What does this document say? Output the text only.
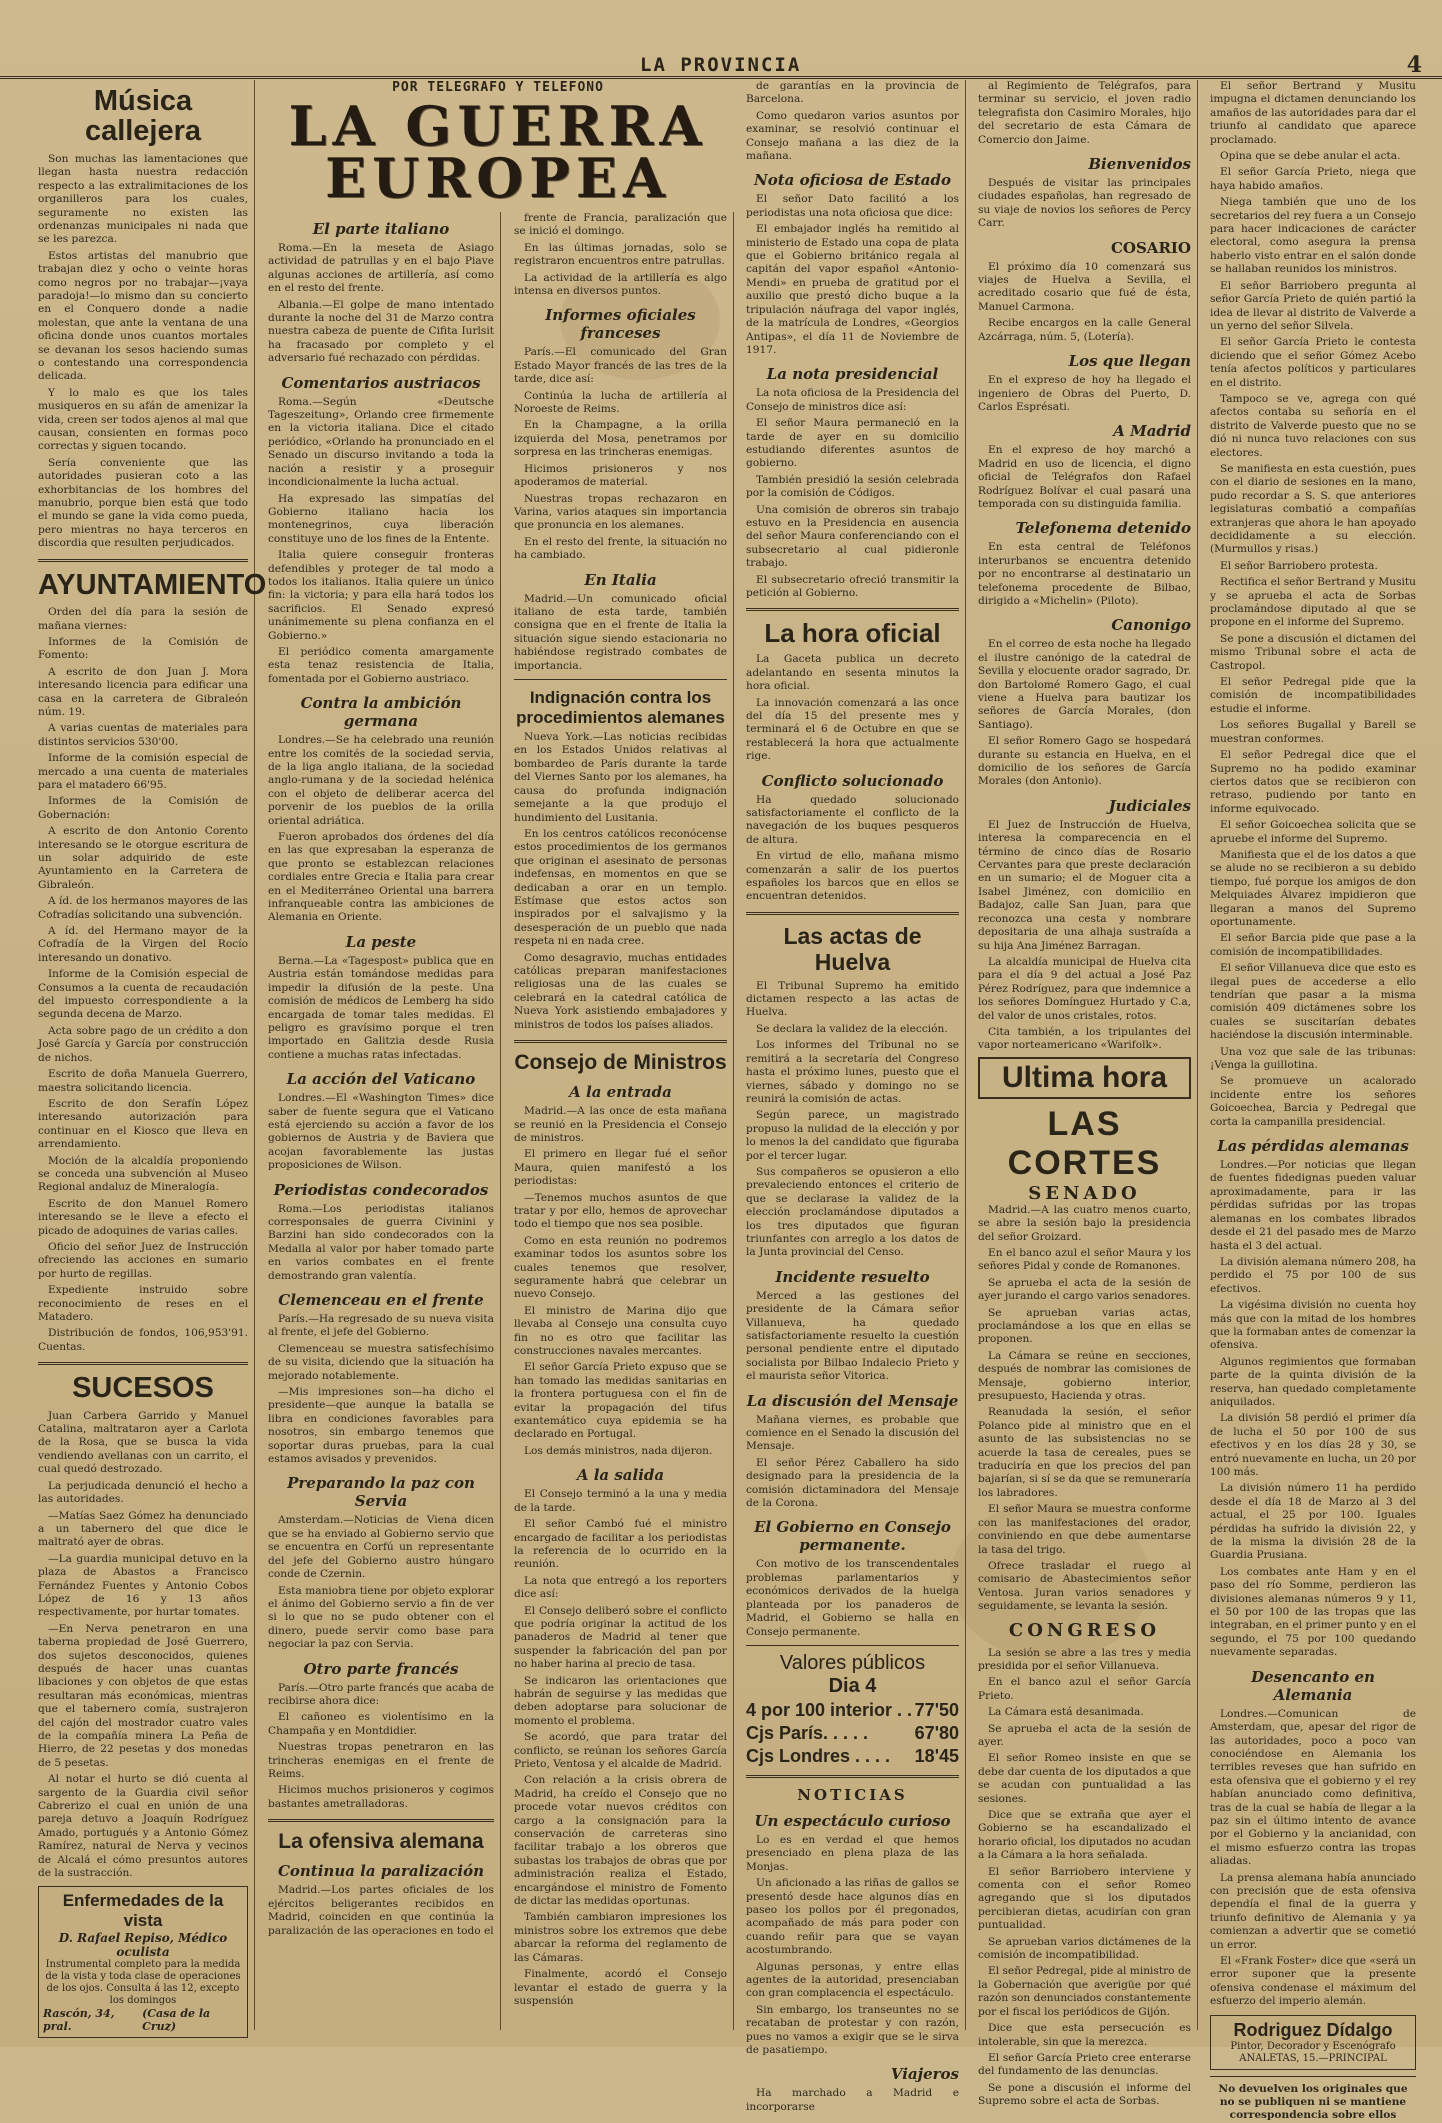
LA PROVINCIA	4
Música callejera

Son muchas las lamentaciones que llegan hasta nuestra redacción respecto a las extralimitaciones de los organilleros para los cuales, seguramente no existen las ordenanzas municipales ni nada que se les parezca.

Estos artistas del manubrio que trabajan diez y ocho o veinte horas como negros por no trabajar—¡vaya paradoja!—lo mismo dan su concierto en el Conquero donde a nadie molestan, que ante la ventana de una oficina donde unos cuantos mortales se devanan los sesos haciendo sumas o contestando una correspondencia delicada.

Y lo malo es que los tales musiqueros en su afán de amenizar la vida, creen ser todos ajenos al mal que causan, consienten en formas poco correctas y siguen tocando.

Sería conveniente que las autoridades pusieran coto a las exhorbitancias de los hombres del manubrio, porque bien está que todo el mundo se gane la vida como pueda, pero mientras no haya terceros en discordia que resulten perjudicados.

AYUNTAMIENTO

Orden del día para la sesión de mañana viernes:

Informes de la Comisión de Fomento:

A escrito de don Juan J. Mora interesando licencia para edificar una casa en la carretera de Gibraleón núm. 19.

A varias cuentas de materiales para distintos servicios 530'00.

Informe de la comisión especial de mercado a una cuenta de materiales para el matadero 66'95.

Informes de la Comisión de Gobernación:

A escrito de don Antonio Corento interesando se le otorgue escritura de un solar adquirido de este Ayuntamiento en la Carretera de Gibraleón.

A íd. de los hermanos mayores de las Cofradías solicitando una subvención.

A íd. del Hermano mayor de la Cofradía de la Virgen del Rocío interesando un donativo.

Informe de la Comisión especial de Consumos a la cuenta de recaudación del impuesto correspondiente a la segunda decena de Marzo.

Acta sobre pago de un crédito a don José García y García por construcción de nichos.

Escrito de doña Manuela Guerrero, maestra solicitando licencia.

Escrito de don Serafín López interesando autorización para continuar en el Kiosco que lleva en arrendamiento.

Moción de la alcaldía proponiendo se conceda una subvención al Museo Regional andaluz de Mineralogía.

Escrito de don Manuel Romero interesando se le lleve a efecto el picado de adoquines de varias calles.

Oficio del señor Juez de Instrucción ofreciendo las acciones en sumario por hurto de regillas.

Expediente instruido sobre reconocimiento de reses en el Matadero.

Distribución de fondos, 106,953'91. Cuentas.

SUCESOS

Juan Carbera Garrido y Manuel Catalina, maltrataron ayer a Carlota de la Rosa, que se busca la vida vendiendo avellanas con un carrito, el cual quedó destrozado.

La perjudicada denunció el hecho a las autoridades.

—Matías Saez Gómez ha denunciado a un tabernero del que dice le maltrató ayer de obras.

—La guardia municipal detuvo en la plaza de Abastos a Francisco Fernández Fuentes y Antonio Cobos López de 16 y 13 años respectivamente, por hurtar tomates.

—En Nerva penetraron en una taberna propiedad de José Guerrero, dos sujetos desconocidos, quienes después de hacer unas cuantas libaciones y con objetos de que estas resultaran más económicas, mientras que el tabernero comía, sustrajeron del cajón del mostrador cuatro vales de la compañía minera La Peña de Hierro, de 22 pesetas y dos monedas de 5 pesetas.

Al notar el hurto se dió cuenta al sargento de la Guardia civil señor Cabrerizo el cual en unión de una pareja detuvo a Joaquín Rodríguez Amado, portugués y a Antonio Gómez Ramírez, natural de Nerva y vecinos de Alcalá el cómo presuntos autores de la sustracción.

Enfermedades de la vista
D. Rafael Repiso, Médico oculista
Instrumental completo para la medida de la vista y toda clase de operaciones de los ojos. Consulta á las 12, excepto los domingos
Rascón, 34, pral.
(Casa de la Cruz)
POR TELEGRAFO Y TELEFONO
LA GUERRA
EUROPEA
El parte italiano

Roma.—En la meseta de Asiago actividad de patrullas y en el bajo Piave algunas acciones de artillería, así como en el resto del frente.

Albania.—El golpe de mano intentado durante la noche del 31 de Marzo contra nuestra cabeza de puente de Cifita Iurlsit ha fracasado por completo y el adversario fué rechazado con pérdidas.

Comentarios austriacos

Roma.—Según «Deutsche Tageszeitung», Orlando cree firmemente en la victoria italiana. Dice el citado periódico, «Orlando ha pronunciado en el Senado un discurso invitando a toda la nación a resistir y a proseguir incondicionalmente la lucha actual.

Ha expresado las simpatías del Gobierno italiano hacia los montenegrinos, cuya liberación constituye uno de los fines de la Entente.

Italia quiere conseguir fronteras defendibles y proteger de tal modo a todos los italianos. Italia quiere un único fin: la victoria; y para ella hará todos los sacrificios. El Senado expresó unánimemente su plena confianza en el Gobierno.»

El periódico comenta amargamente esta tenaz resistencia de Italia, fomentada por el Gobierno austriaco.

Contra la ambición germana

Londres.—Se ha celebrado una reunión entre los comités de la sociedad servia, de la liga anglo italiana, de la sociedad anglo-rumana y de la sociedad helénica con el objeto de deliberar acerca del porvenir de los pueblos de la orilla oriental adriática.

Fueron aprobados dos órdenes del día en las que expresaban la esperanza de que pronto se establezcan relaciones cordiales entre Grecia e Italia para crear en el Mediterráneo Oriental una barrera infranqueable contra las ambiciones de Alemania en Oriente.

La peste

Berna.—La «Tagespost» publica que en Austria están tomándose medidas para impedir la difusión de la peste. Una comisión de médicos de Lemberg ha sido encargada de tomar tales medidas. El peligro es gravísimo porque el tren importado en Galitzia desde Rusia contiene a muchas ratas infectadas.

La acción del Vaticano

Londres.—El «Washington Times» dice saber de fuente segura que el Vaticano está ejerciendo su acción a favor de los gobiernos de Austria y de Baviera que acojan favorablemente las justas proposiciones de Wilson.

Periodistas condecorados

Roma.—Los periodistas italianos corresponsales de guerra Civinini y Barzini han sido condecorados con la Medalla al valor por haber tomado parte en varios combates en el frente demostrando gran valentía.

Clemenceau en el frente

París.—Ha regresado de su nueva visita al frente, el jefe del Gobierno.

Clemenceau se muestra satisfechísimo de su visita, diciendo que la situación ha mejorado notablemente.

—Mis impresiones son—ha dicho el presidente—que aunque la batalla se libra en condiciones favorables para nosotros, sin embargo tenemos que soportar duras pruebas, para la cual estamos avisados y prevenidos.

Preparando la paz con Servia

Amsterdam.—Noticias de Viena dicen que se ha enviado al Gobierno servio que se encuentra en Corfú un representante del jefe del Gobierno austro húngaro conde de Czernin.

Esta maniobra tiene por objeto explorar el ánimo del Gobierno servio a fin de ver si lo que no se pudo obtener con el dinero, puede servir como base para negociar la paz con Servia.

Otro parte francés

París.—Otro parte francés que acaba de recibirse ahora dice:

El cañoneo es violentísimo en la Champaña y en Montdidier.

Nuestras tropas penetraron en las trincheras enemigas en el frente de Reims.

Hicimos muchos prisioneros y cogimos bastantes ametralladoras.

La ofensiva alemana
Continua la paralización

Madrid.—Los partes oficiales de los ejércitos beligerantes recibidos en Madrid, coinciden en que continúa la paralización de las operaciones en todo el

frente de Francia, paralización que se inició el domingo.

En las últimas jornadas, solo se registraron encuentros entre patrullas.

La actividad de la artillería es algo intensa en diversos puntos.

Informes oficiales franceses

París.—El comunicado del Gran Estado Mayor francés de las tres de la tarde, dice así:

Continúa la lucha de artillería al Noroeste de Reims.

En la Champagne, a la orilla izquierda del Mosa, penetramos por sorpresa en las trincheras enemigas.

Hicimos prisioneros y nos apoderamos de material.

Nuestras tropas rechazaron en Varina, varios ataques sin importancia que pronuncia en los alemanes.

En el resto del frente, la situación no ha cambiado.

En Italia

Madrid.—Un comunicado oficial italiano de esta tarde, también consigna que en el frente de Italia la situación sigue siendo estacionaria no habiéndose registrado combates de importancia.

Indignación contra los procedimientos alemanes

Nueva York.—Las noticias recibidas en los Estados Unidos relativas al bombardeo de París durante la tarde del Viernes Santo por los alemanes, ha causa do profunda indignación semejante a la que produjo el hundimiento del Lusitania.

En los centros católicos reconócense estos procedimientos de los germanos que originan el asesinato de personas indefensas, en momentos en que se dedicaban a orar en un templo. Estímase que estos actos son inspirados por el salvajismo y la desesperación de un pueblo que nada respeta ni en nada cree.

Como desagravio, muchas entidades católicas preparan manifestaciones religiosas una de las cuales se celebrará en la catedral católica de Nueva York asistiendo embajadores y ministros de todos los países aliados.

Consejo de Ministros
A la entrada

Madrid.—A las once de esta mañana se reunió en la Presidencia el Consejo de ministros.

El primero en llegar fué el señor Maura, quien manifestó a los periodistas:

—Tenemos muchos asuntos de que tratar y por ello, hemos de aprovechar todo el tiempo que nos sea posible.

Como en esta reunión no podremos examinar todos los asuntos sobre los cuales tenemos que resolver, seguramente habrá que celebrar un nuevo Consejo.

El ministro de Marina dijo que llevaba al Consejo una consulta cuyo fin no es otro que facilitar las construcciones navales mercantes.

El señor García Prieto expuso que se han tomado las medidas sanitarias en la frontera portuguesa con el fin de evitar la propagación del tifus exantemático cuya epidemia se ha declarado en Portugal.

Los demás ministros, nada dijeron.

A la salida

El Consejo terminó a la una y media de la tarde.

El señor Cambó fué el ministro encargado de facilitar a los periodistas la referencia de lo ocurrido en la reunión.

La nota que entregó a los reporters dice así:

El Consejo deliberó sobre el conflicto que podría originar la actitud de los panaderos de Madrid al tener que suspender la fabricación del pan por no haber harina al precio de tasa.

Se indicaron las orientaciones que habrán de seguirse y las medidas que deben adoptarse para solucionar de momento el problema.

Se acordó, que para tratar del conflicto, se reúnan los señores García Prieto, Ventosa y el alcalde de Madrid.

Con relación a la crisis obrera de Madrid, ha creído el Consejo que no procede votar nuevos créditos con cargo a la consignación para la conservación de carreteras sino facilitar trabajo a los obreros que subastas los trabajos de obras que por administración realiza el Estado, encargándose el ministro de Fomento de dictar las medidas oportunas.

También cambiaron impresiones los ministros sobre los extremos que debe abarcar la reforma del reglamento de las Cámaras.

Finalmente, acordó el Consejo levantar el estado de guerra y la suspensión

de garantías en la provincia de Barcelona.

Como quedaron varios asuntos por examinar, se resolvió continuar el Consejo mañana a las diez de la mañana.

Nota oficiosa de Estado

El señor Dato facilitó a los periodistas una nota oficiosa que dice:

El embajador inglés ha remitido al ministerio de Estado una copa de plata que el Gobierno británico regala al capitán del vapor español «Antonio-Mendi» en prueba de gratitud por el auxilio que prestó dicho buque a la tripulación náufraga del vapor inglés, de la matrícula de Londres, «Georgios Antipas», el día 11 de Noviembre de 1917.

La nota presidencial

La nota oficiosa de la Presidencia del Consejo de ministros dice así:

El señor Maura permaneció en la tarde de ayer en su domicilio estudiando diferentes asuntos de gobierno.

También presidió la sesión celebrada por la comisión de Códigos.

Una comisión de obreros sin trabajo estuvo en la Presidencia en ausencia del señor Maura conferenciando con el subsecretario al cual pidieronle trabajo.

El subsecretario ofreció transmitir la petición al Gobierno.

La hora oficial

La Gaceta publica un decreto adelantando en sesenta minutos la hora oficial.

La innovación comenzará a las once del día 15 del presente mes y terminará el 6 de Octubre en que se restablecerá la hora que actualmente rige.

Conflicto solucionado

Ha quedado solucionado satisfactoriamente el conflicto de la navegación de los buques pesqueros de altura.

En virtud de ello, mañana mismo comenzarán a salir de los puertos españoles los barcos que en ellos se encuentran detenidos.

Las actas de Huelva

El Tribunal Supremo ha emitido dictamen respecto a las actas de Huelva.

Se declara la validez de la elección.

Los informes del Tribunal no se remitirá a la secretaría del Congreso hasta el próximo lunes, puesto que el viernes, sábado y domingo no se reunirá la comisión de actas.

Según parece, un magistrado propuso la nulidad de la elección y por lo menos la del candidato que figuraba por el tercer lugar.

Sus compañeros se opusieron a ello prevaleciendo entonces el criterio de que se declarase la validez de la elección proclamándose diputados a los tres diputados que figuran triunfantes con arreglo a los datos de la Junta provincial del Censo.

Incidente resuelto

Merced a las gestiones del presidente de la Cámara señor Villanueva, ha quedado satisfactoriamente resuelto la cuestión personal pendiente entre el diputado socialista por Bilbao Indalecio Prieto y el maurista señor Vitorica.

La discusión del Mensaje

Mañana viernes, es probable que comience en el Senado la discusión del Mensaje.

El señor Pérez Caballero ha sido designado para la presidencia de la comisión dictaminadora del Mensaje de la Corona.

El Gobierno en Consejo permanente.

Con motivo de los transcendentales problemas parlamentarios y económicos derivados de la huelga planteada por los panaderos de Madrid, el Gobierno se halla en Consejo permanente.

Valores públicos
Dia 4
4 por 100 interior . . 77'50
Cjs París. . . . .	67'80
Cjs Londres . . . . 18'45
NOTICIAS
Un espectáculo curioso

Lo es en verdad el que hemos presenciado en plena plaza de las Monjas.

Un aficionado a las riñas de gallos se presentó desde hace algunos días en paseo los pollos por él pregonados, acompañado de más para poder con cuando reñir para que se vayan acostumbrando.

Algunas personas, y entre ellas agentes de la autoridad, presenciaban con gran complacencia el espectáculo.

Sin embargo, los transeuntes no se recataban de protestar y con razón, pues no vamos a exigir que se le sirva de pasatiempo.

Viajeros

Ha marchado a Madrid e incorporarse

al Regimiento de Telégrafos, para terminar su servicio, el joven radio telegrafista don Casimiro Morales, hijo del secretario de esta Cámara de Comercio don Jaime.

Bienvenidos

Después de visitar las principales ciudades españolas, han regresado de su viaje de novios los señores de Percy Carr.

COSARIO

El próximo día 10 comenzará sus viajes de Huelva a Sevilla, el acreditado cosario que fué de ésta, Manuel Carmona.

Recibe encargos en la calle General Azcárraga, núm. 5, (Lotería).

Los que llegan

En el expreso de hoy ha llegado el ingeniero de Obras del Puerto, D. Carlos Esprésati.

A Madrid

En el expreso de hoy marchó a Madrid en uso de licencia, el digno oficial de Telégrafos don Rafael Rodríguez Bolívar el cual pasará una temporada con su distinguida familia.

Telefonema detenido

En esta central de Teléfonos interurbanos se encuentra detenido por no encontrarse al destinatario un telefonema procedente de Bilbao, dirigido a «Michelin» (Piloto).

Canonigo

En el correo de esta noche ha llegado el ilustre canónigo de la catedral de Sevilla y elocuente orador sagrado, Dr. don Bartolomé Romero Gago, el cual viene a Huelva para bautizar los señores de García Morales, (don Santiago).

El señor Romero Gago se hospedará durante su estancia en Huelva, en el domicilio de los señores de García Morales (don Antonio).

Judiciales

El Juez de Instrucción de Huelva, interesa la comparecencia en el término de cinco días de Rosario Cervantes para que preste declaración en un sumario; el de Moguer cita a Isabel Jiménez, con domicilio en Badajoz, calle San Juan, para que reconozca una cesta y nombrare depositaria de una alhaja sustraída a su hija Ana Jiménez Barragan.

La alcaldía municipal de Huelva cita para el día 9 del actual a José Paz Pérez Rodríguez, para que indemnice a los señores Domínguez Hurtado y C.a, del valor de unos cristales, rotos.

Cita también, a los tripulantes del vapor norteamericano «Warifolk».

Ultima hora
LAS CORTES
SENADO

Madrid.—A las cuatro menos cuarto, se abre la sesión bajo la presidencia del señor Groizard.

En el banco azul el señor Maura y los señores Pidal y conde de Romanones.

Se aprueba el acta de la sesión de ayer jurando el cargo varios senadores.

Se aprueban varias actas, proclamándose a los que en ellas se proponen.

La Cámara se reúne en secciones, después de nombrar las comisiones de Mensaje, gobierno interior, presupuesto, Hacienda y otras.

Reanudada la sesión, el señor Polanco pide al ministro que en el asunto de las subsistencias no se acuerde la tasa de cereales, pues se traduciría en que los precios del pan bajarían, si sí se da que se remuneraría los labradores.

El señor Maura se muestra conforme con las manifestaciones del orador, conviniendo en que debe aumentarse la tasa del trigo.

Ofrece trasladar el ruego al comisario de Abastecimientos señor Ventosa. Juran varios senadores y seguidamente, se levanta la sesión.

CONGRESO

La sesión se abre a las tres y media presidida por el señor Villanueva.

En el banco azul el señor García Prieto.

La Cámara está desanimada.

Se aprueba el acta de la sesión de ayer.

El señor Romeo insiste en que se debe dar cuenta de los diputados a que se acudan con puntualidad a las sesiones.

Dice que se extraña que ayer el Gobierno se ha escandalizado el horario oficial, los diputados no acudan a la Cámara a la hora señalada.

El señor Barriobero interviene y comenta con el señor Romeo agregando que si los diputados percibieran dietas, acudirían con gran puntualidad.

Se aprueban varios dictámenes de la comisión de incompatibilidad.

El señor Pedregal, pide al ministro de la Gobernación que averigüe por qué razón son denunciados constantemente por el fiscal los periódicos de Gijón.

Dice que esta persecución es intolerable, sin que la merezca.

El señor García Prieto cree enterarse del fundamento de las denuncias.

Se pone a discusión el informe del Supremo sobre el acta de Sorbas.

El señor Bertrand y Musitu impugna el dictamen denunciando los amaños de las autoridades para dar el triunfo al candidato que aparece proclamado.

Opina que se debe anular el acta.

El señor García Prieto, niega que haya habido amaños.

Niega también que uno de los secretarios del rey fuera a un Consejo para hacer indicaciones de carácter electoral, como asegura la prensa haberlo visto entrar en el salón donde se hallaban reunidos los ministros.

El señor Barriobero pregunta al señor García Prieto de quién partió la idea de llevar al distrito de Valverde a un yerno del señor Silvela.

El señor García Prieto le contesta diciendo que el señor Gómez Acebo tenía afectos políticos y particulares en el distrito.

Tampoco se ve, agrega con qué afectos contaba su señoría en el distrito de Valverde puesto que no se dió ni nunca tuvo relaciones con sus electores.

Se manifiesta en esta cuestión, pues con el diario de sesiones en la mano, pudo recordar a S. S. que anteriores legislaturas combatió a compañías extranjeras que ahora le han apoyado decididamente a su elección. (Murmullos y risas.)

El señor Barriobero protesta.

Rectifica el señor Bertrand y Musitu y se aprueba el acta de Sorbas proclamándose diputado al que se propone en el informe del Supremo.

Se pone a discusión el dictamen del mismo Tribunal sobre el acta de Castropol.

El señor Pedregal pide que la comisión de incompatibilidades estudie el informe.

Los señores Bugallal y Barell se muestran conformes.

El señor Pedregal dice que el Supremo no ha podido examinar ciertos datos que se recibieron con retraso, pudiendo por tanto en informe equivocado.

El señor Goicoechea solicita que se apruebe el informe del Supremo.

Manifiesta que el de los datos a que se alude no se recibieron a su debido tiempo, fué porque los amigos de don Melquiades Álvarez impidieron que llegaran a manos del Supremo oportunamente.

El señor Barcia pide que pase a la comisión de incompatibilidades.

El señor Villanueva dice que esto es ilegal pues de accederse a ello tendrían que pasar a la misma comisión 409 dictámenes sobre los cuales se suscitarían debates haciéndose la discusión interminable.

Una voz que sale de las tribunas: ¡Venga la guillotina.

Se promueve un acalorado incidente entre los señores Goicoechea, Barcia y Pedregal que corta la campanilla presidencial.

Las pérdidas alemanas

Londres.—Por noticias que llegan de fuentes fidedignas pueden valuar aproximadamente, para ir las pérdidas sufridas por las tropas alemanas en los combates librados desde el 21 del pasado mes de Marzo hasta el 3 del actual.

La división alemana número 208, ha perdido el 75 por 100 de sus efectivos.

La vigésima división no cuenta hoy más que con la mitad de los hombres que la formaban antes de comenzar la ofensiva.

Algunos regimientos que formaban parte de la quinta división de la reserva, han quedado completamente aniquilados.

La división 58 perdió el primer día de lucha el 50 por 100 de sus efectivos y en los días 28 y 30, se entró nuevamente en lucha, un 20 por 100 más.

La división número 11 ha perdido desde el día 18 de Marzo al 3 del actual, el 25 por 100. Iguales pérdidas ha sufrido la división 22, y de la misma la división 28 de la Guardia Prusiana.

Los combates ante Ham y en el paso del río Somme, perdieron las divisiones alemanas números 9 y 11, el 50 por 100 de las tropas que las integraban, en el primer punto y en el segundo, el 75 por 100 quedando nuevamente separadas.

Desencanto en Alemania

Londres.—Comunican de Amsterdam, que, apesar del rigor de las autoridades, poco a poco van conociéndose en Alemania los terribles reveses que han sufrido en esta ofensiva que el gobierno y el rey habían anunciado como definitiva, tras de la cual se había de llegar a la paz sin el último intento de avance por el Gobierno y la ancianidad, con el mismo esfuerzo contra las tropas aliadas.

La prensa alemana había anunciado con precisión que de esta ofensiva dependía el final de la guerra y triunfo definitivo de Alemania y ya comienzan a advertir que se cometió un error.

El «Frank Foster» dice que «será un error suponer que la presente ofensiva condenase el máximum del esfuerzo del imperio alemán.

Rodriguez Dídalgo
Pintor, Decorador y Escenógrafo
ANALETAS, 15.—PRINCIPAL

No devuelven los originales que no se publiquen ni se mantiene correspondencia sobre ellos
